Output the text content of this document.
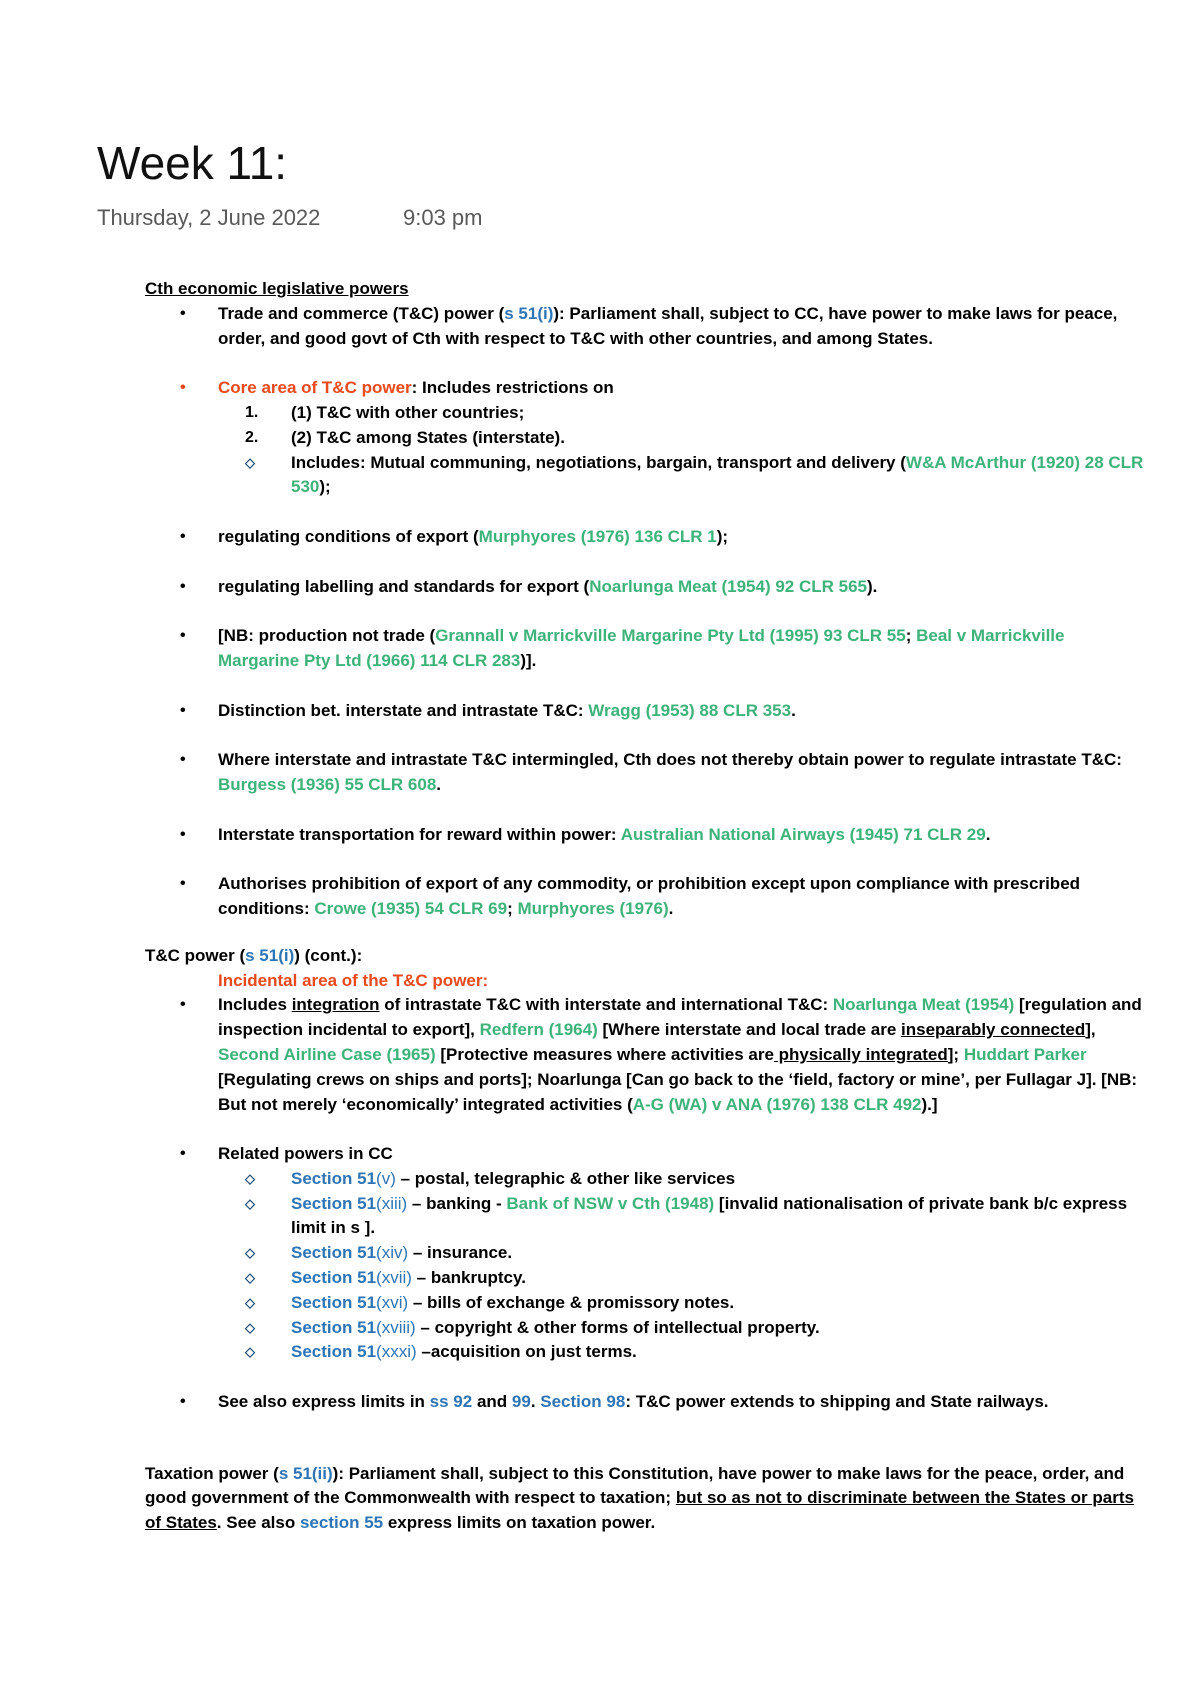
Week 11:
Thursday, 2 June 2022	9:03 pm
Cth economic legislative powers
• Trade and commerce (T&C) power (s 51(i)): Parliament shall, subject to CC, have power to make laws for peace, order, and good govt of Cth with respect to T&C with other countries, and among States.
• Core area of T&C power: Includes restrictions on
1. (1) T&C with other countries;
2. (2) T&C among States (interstate).
◇ Includes: Mutual communing, negotiations, bargain, transport and delivery (W&A McArthur (1920) 28 CLR 530);
• regulating conditions of export (Murphyores (1976) 136 CLR 1);
• regulating labelling and standards for export (Noarlunga Meat (1954) 92 CLR 565).
• [NB: production not trade (Grannall v Marrickville Margarine Pty Ltd (1995) 93 CLR 55; Beal v Marrickville Margarine Pty Ltd (1966) 114 CLR 283)].
• Distinction bet. interstate and intrastate T&C: Wragg (1953) 88 CLR 353.
• Where interstate and intrastate T&C intermingled, Cth does not thereby obtain power to regulate intrastate T&C: Burgess (1936) 55 CLR 608.
• Interstate transportation for reward within power: Australian National Airways (1945) 71 CLR 29.
• Authorises prohibition of export of any commodity, or prohibition except upon compliance with prescribed conditions: Crowe (1935) 54 CLR 69; Murphyores (1976).
T&C power (s 51(i)) (cont.):
Incidental area of the T&C power:
• Includes integration of intrastate T&C with interstate and international T&C: Noarlunga Meat (1954) [regulation and inspection incidental to export], Redfern (1964) [Where interstate and local trade are inseparably connected], Second Airline Case (1965) [Protective measures where activities are physically integrated]; Huddart Parker [Regulating crews on ships and ports]; Noarlunga [Can go back to the ‘field, factory or mine’, per Fullagar J]. [NB: But not merely ‘economically’ integrated activities (A-G (WA) v ANA (1976) 138 CLR 492).]
• Related powers in CC
◇ Section 51(v) – postal, telegraphic & other like services
◇ Section 51(xiii) – banking - Bank of NSW v Cth (1948) [invalid nationalisation of private bank b/c express limit in s ].
◇ Section 51(xiv) – insurance.
◇ Section 51(xvii) – bankruptcy.
◇ Section 51(xvi) – bills of exchange & promissory notes.
◇ Section 51(xviii) – copyright & other forms of intellectual property.
◇ Section 51(xxxi) –acquisition on just terms.
• See also express limits in ss 92 and 99. Section 98: T&C power extends to shipping and State railways.
Taxation power (s 51(ii)): Parliament shall, subject to this Constitution, have power to make laws for the peace, order, and good government of the Commonwealth with respect to taxation; but so as not to discriminate between the States or parts of States. See also section 55 express limits on taxation power.
